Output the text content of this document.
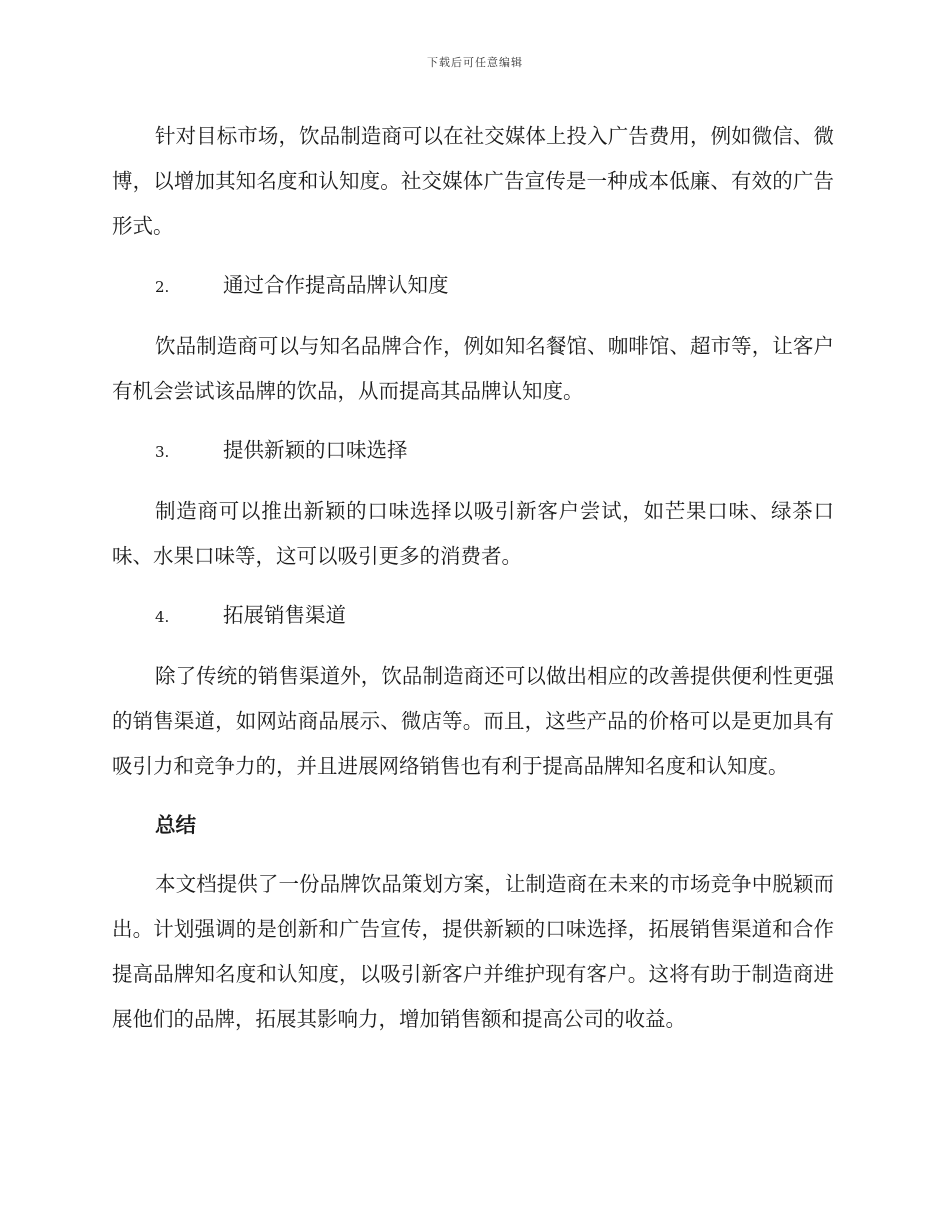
下载后可任意编辑

针对目标市场，饮品制造商可以在社交媒体上投入广告费用，例如微信、微博，以增加其知名度和认知度。社交媒体广告宣传是一种成本低廉、有效的广告形式。

2.	通过合作提高品牌认知度

饮品制造商可以与知名品牌合作，例如知名餐馆、咖啡馆、超市等，让客户有机会尝试该品牌的饮品，从而提高其品牌认知度。

3.	提供新颖的口味选择

制造商可以推出新颖的口味选择以吸引新客户尝试，如芒果口味、绿茶口味、水果口味等，这可以吸引更多的消费者。

4.	拓展销售渠道

除了传统的销售渠道外，饮品制造商还可以做出相应的改善提供便利性更强的销售渠道，如网站商品展示、微店等。而且，这些产品的价格可以是更加具有吸引力和竞争力的，并且进展网络销售也有利于提高品牌知名度和认知度。

总结

本文档提供了一份品牌饮品策划方案，让制造商在未来的市场竞争中脱颖而出。计划强调的是创新和广告宣传，提供新颖的口味选择，拓展销售渠道和合作提高品牌知名度和认知度，以吸引新客户并维护现有客户。这将有助于制造商进展他们的品牌，拓展其影响力，增加销售额和提高公司的收益。
